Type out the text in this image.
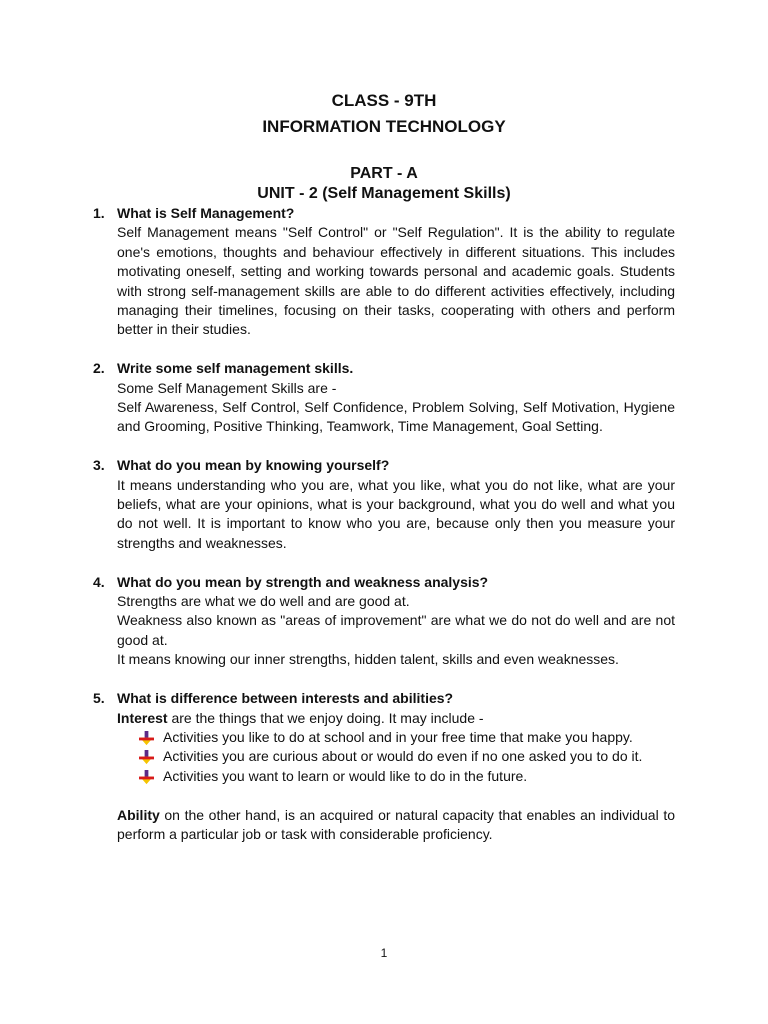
CLASS - 9TH
INFORMATION TECHNOLOGY
PART - A
UNIT - 2 (Self Management Skills)
1. What is Self Management?

Self Management means "Self Control" or "Self Regulation". It is the ability to regulate one's emotions, thoughts and behaviour effectively in different situations. This includes motivating oneself, setting and working towards personal and academic goals. Students with strong self-management skills are able to do different activities effectively, including managing their timelines, focusing on their tasks, cooperating with others and perform better in their studies.

2. Write some self management skills.

Some Self Management Skills are -

Self Awareness, Self Control, Self Confidence, Problem Solving, Self Motivation, Hygiene and Grooming, Positive Thinking, Teamwork, Time Management, Goal Setting.

3. What do you mean by knowing yourself?

It means understanding who you are, what you like, what you do not like, what are your beliefs, what are your opinions, what is your background, what you do well and what you do not well. It is important to know who you are, because only then you measure your strengths and weaknesses.

4. What do you mean by strength and weakness analysis?

Strengths are what we do well and are good at.

Weakness also known as "areas of improvement" are what we do not do well and are not good at.

It means knowing our inner strengths, hidden talent, skills and even weaknesses.

5. What is difference between interests and abilities?

Interest are the things that we enjoy doing. It may include -

Activities you like to do at school and in your free time that make you happy.
Activities you are curious about or would do even if no one asked you to do it.
Activities you want to learn or would like to do in the future.

Ability on the other hand, is an acquired or natural capacity that enables an individual to perform a particular job or task with considerable proficiency.

1
